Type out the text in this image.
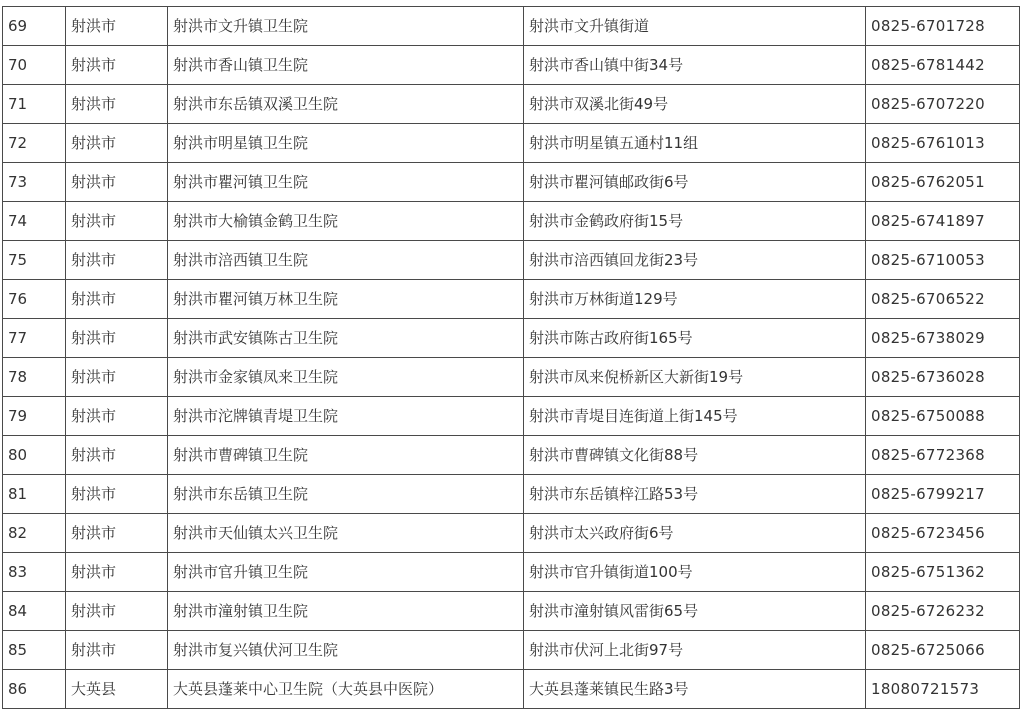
69	射洪市	射洪市文升镇卫生院	射洪市文升镇街道	0825-6701728
70	射洪市	射洪市香山镇卫生院	射洪市香山镇中街34号	0825-6781442
71	射洪市	射洪市东岳镇双溪卫生院	射洪市双溪北街49号	0825-6707220
72	射洪市	射洪市明星镇卫生院	射洪市明星镇五通村11组	0825-6761013
73	射洪市	射洪市瞿河镇卫生院	射洪市瞿河镇邮政街6号	0825-6762051
74	射洪市	射洪市大榆镇金鹤卫生院	射洪市金鹤政府街15号	0825-6741897
75	射洪市	射洪市涪西镇卫生院	射洪市涪西镇回龙街23号	0825-6710053
76	射洪市	射洪市瞿河镇万林卫生院	射洪市万林街道129号	0825-6706522
77	射洪市	射洪市武安镇陈古卫生院	射洪市陈古政府街165号	0825-6738029
78	射洪市	射洪市金家镇凤来卫生院	射洪市凤来倪桥新区大新街19号	0825-6736028
79	射洪市	射洪市沱牌镇青堤卫生院	射洪市青堤目连街道上街145号	0825-6750088
80	射洪市	射洪市曹碑镇卫生院	射洪市曹碑镇文化街88号	0825-6772368
81	射洪市	射洪市东岳镇卫生院	射洪市东岳镇梓江路53号	0825-6799217
82	射洪市	射洪市天仙镇太兴卫生院	射洪市太兴政府街6号	0825-6723456
83	射洪市	射洪市官升镇卫生院	射洪市官升镇街道100号	0825-6751362
84	射洪市	射洪市潼射镇卫生院	射洪市潼射镇风雷街65号	0825-6726232
85	射洪市	射洪市复兴镇伏河卫生院	射洪市伏河上北街97号	0825-6725066
86	大英县	大英县蓬莱中心卫生院（大英县中医院）	大英县蓬莱镇民生路3号	18080721573
